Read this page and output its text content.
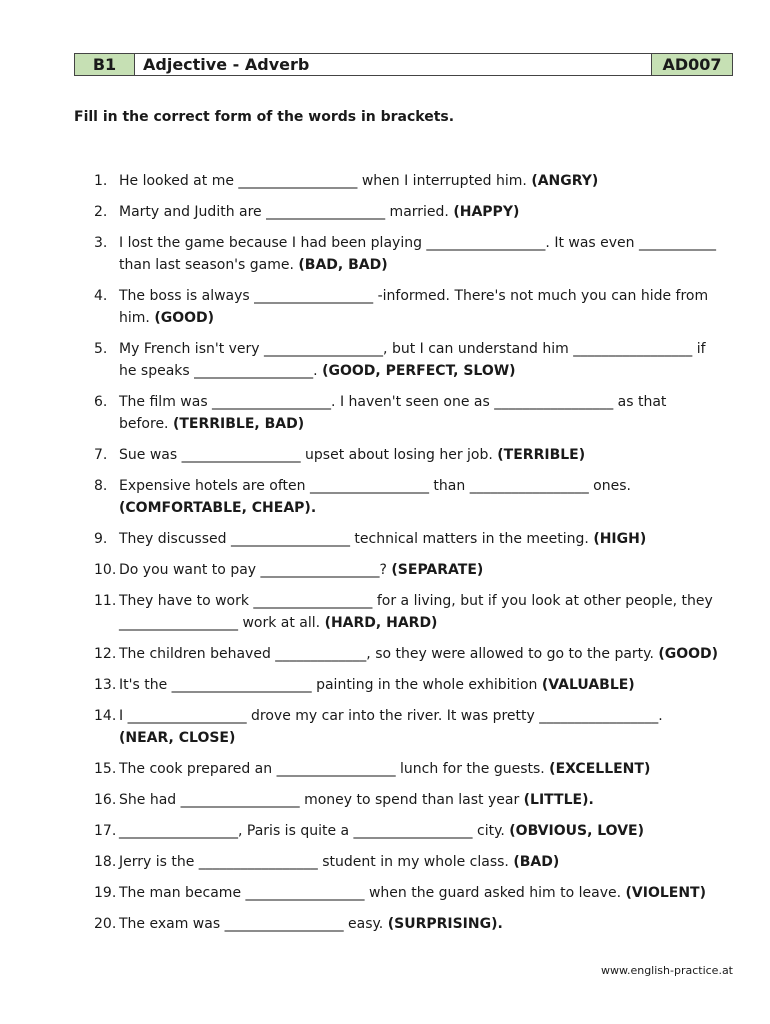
B1	Adjective - Adverb	AD007
Fill in the correct form of the words in brackets.
1. He looked at me _________________ when I interrupted him. (ANGRY)
2. Marty and Judith are _________________ married. (HAPPY)
3. I lost the game because I had been playing _________________. It was even ___________
than last season's game. (BAD, BAD)
4. The boss is always _________________ -informed. There's not much you can hide from
him. (GOOD)
5. My French isn't very _________________, but I can understand him _________________ if
he speaks _________________. (GOOD, PERFECT, SLOW)
6. The film was _________________. I haven't seen one as _________________ as that
before. (TERRIBLE, BAD)
7. Sue was _________________ upset about losing her job. (TERRIBLE)
8. Expensive hotels are often _________________ than _________________ ones.
(COMFORTABLE, CHEAP).
9. They discussed _________________ technical matters in the meeting. (HIGH)
10. Do you want to pay _________________? (SEPARATE)
11. They have to work _________________ for a living, but if you look at other people, they
_________________ work at all. (HARD, HARD)
12. The children behaved _____________, so they were allowed to go to the party. (GOOD)
13. It's the ____________________ painting in the whole exhibition (VALUABLE)
14. I _________________ drove my car into the river. It was pretty _________________.
(NEAR, CLOSE)
15. The cook prepared an _________________ lunch for the guests. (EXCELLENT)
16. She had _________________ money to spend than last year (LITTLE).
17. _________________, Paris is quite a _________________ city. (OBVIOUS, LOVE)
18. Jerry is the _________________ student in my whole class. (BAD)
19. The man became _________________ when the guard asked him to leave. (VIOLENT)
20. The exam was _________________ easy. (SURPRISING).
www.english-practice.at
